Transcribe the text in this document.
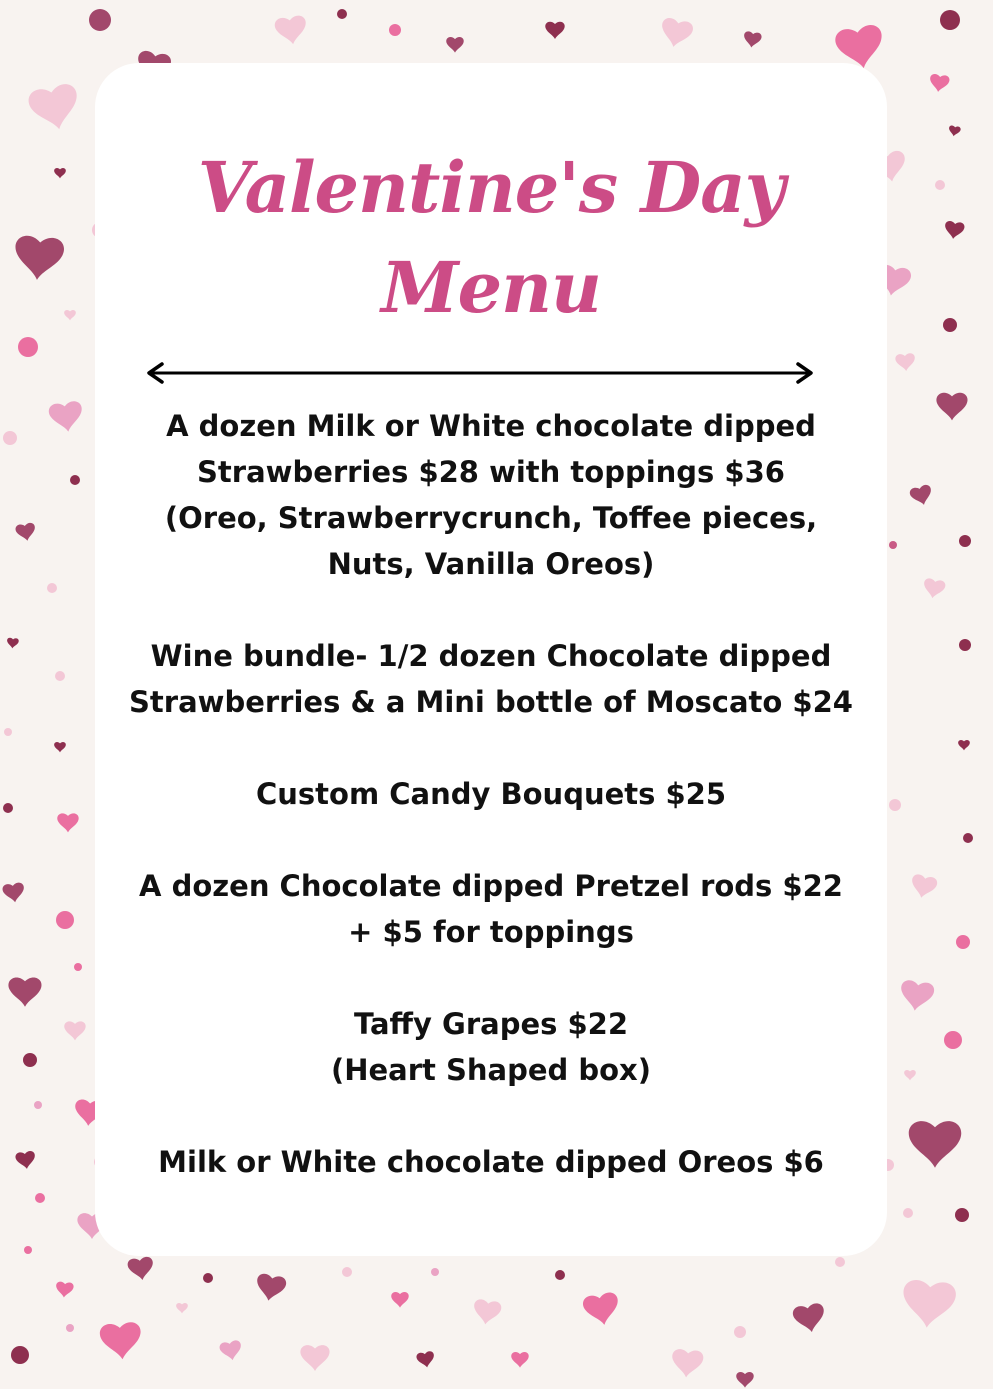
Valentine's Day
Menu
A dozen Milk or White chocolate dipped
Strawberries $28 with toppings $36
(Oreo, Strawberrycrunch, Toffee pieces,
Nuts, Vanilla Oreos)
Wine bundle- 1/2 dozen Chocolate dipped
Strawberries & a Mini bottle of Moscato $24
Custom Candy Bouquets $25
A dozen Chocolate dipped Pretzel rods $22
+ $5 for toppings
Taffy Grapes $22
(Heart Shaped box)
Milk or White chocolate dipped Oreos $6
